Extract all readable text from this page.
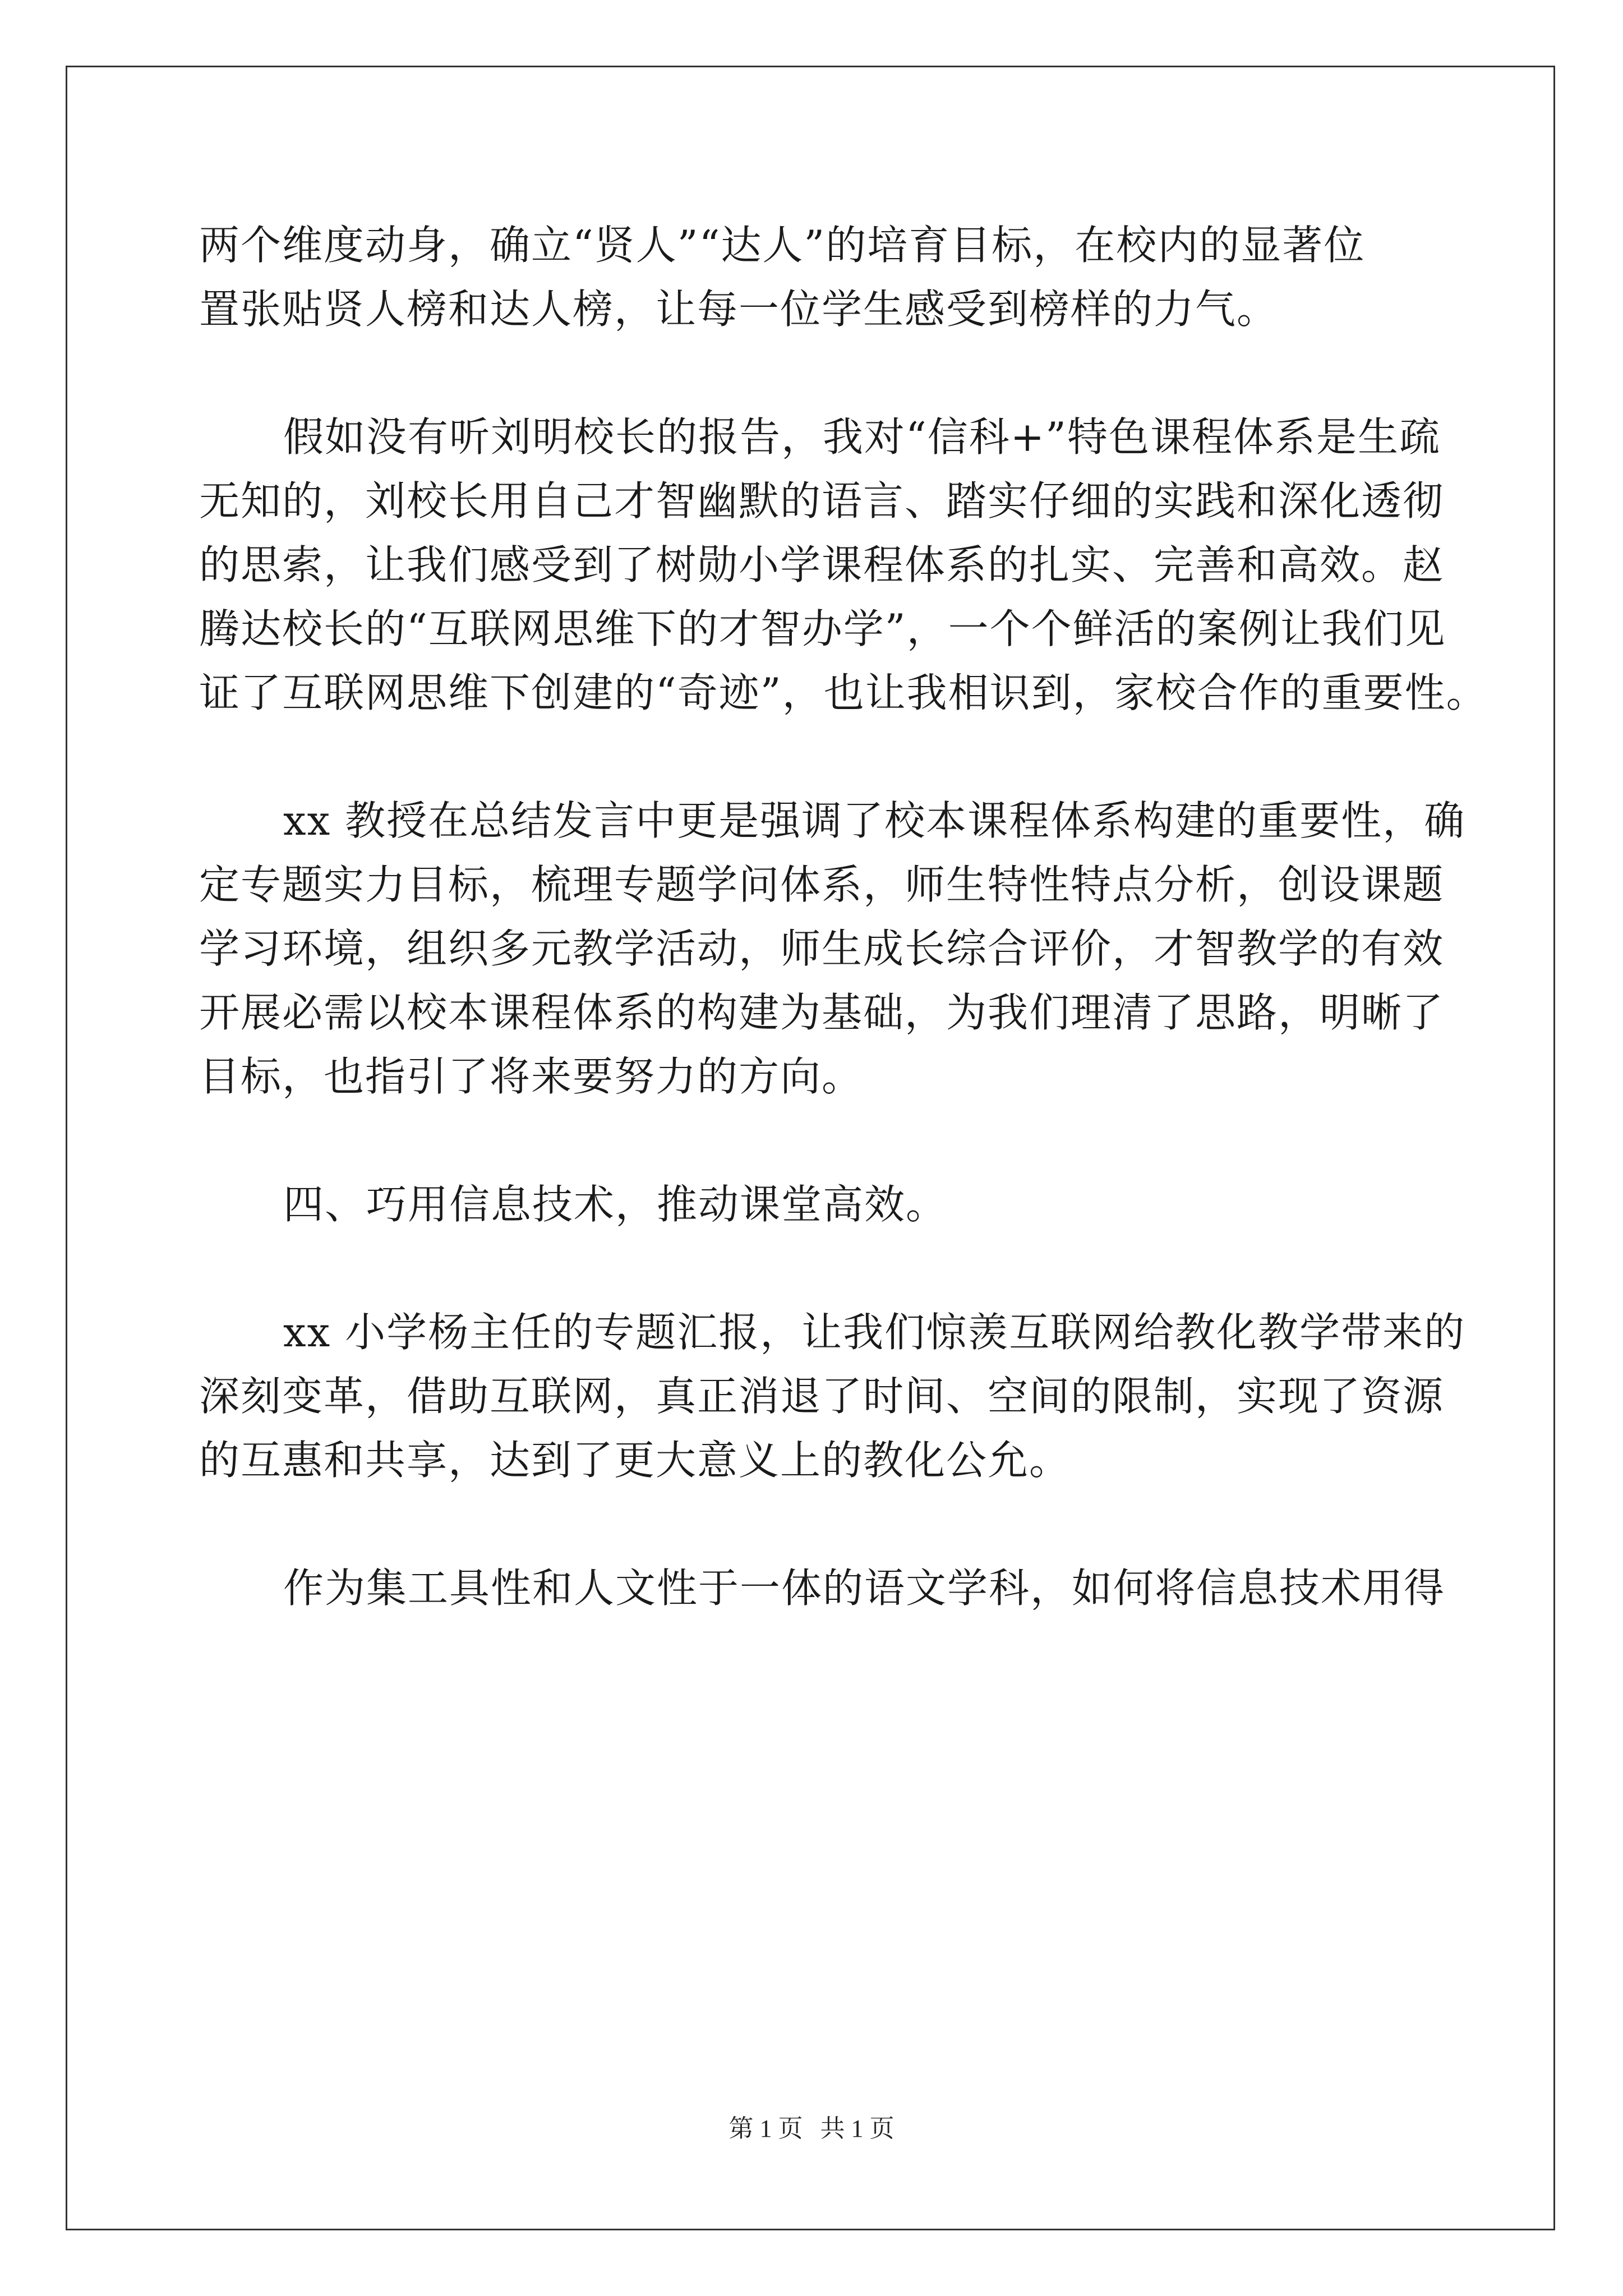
两个维度动身，确立“贤人”“达人”的培育目标，在校内的显著位
置张贴贤人榜和达人榜，让每一位学生感受到榜样的力气。
假如没有听刘明校长的报告，我对“信科+”特色课程体系是生疏
无知的，刘校长用自己才智幽默的语言、踏实仔细的实践和深化透彻
的思索，让我们感受到了树勋小学课程体系的扎实、完善和高效。赵
腾达校长的“互联网思维下的才智办学”，一个个鲜活的案例让我们见
证了互联网思维下创建的“奇迹”，也让我相识到，家校合作的重要性。
xx 教授在总结发言中更是强调了校本课程体系构建的重要性，确
定专题实力目标，梳理专题学问体系，师生特性特点分析，创设课题
学习环境，组织多元教学活动，师生成长综合评价，才智教学的有效
开展必需以校本课程体系的构建为基础，为我们理清了思路，明晰了
目标，也指引了将来要努力的方向。
四、巧用信息技术，推动课堂高效。
xx 小学杨主任的专题汇报，让我们惊羡互联网给教化教学带来的
深刻变革，借助互联网，真正消退了时间、空间的限制，实现了资源
的互惠和共享，达到了更大意义上的教化公允。
作为集工具性和人文性于一体的语文学科，如何将信息技术用得
第 1 页 共 1 页
